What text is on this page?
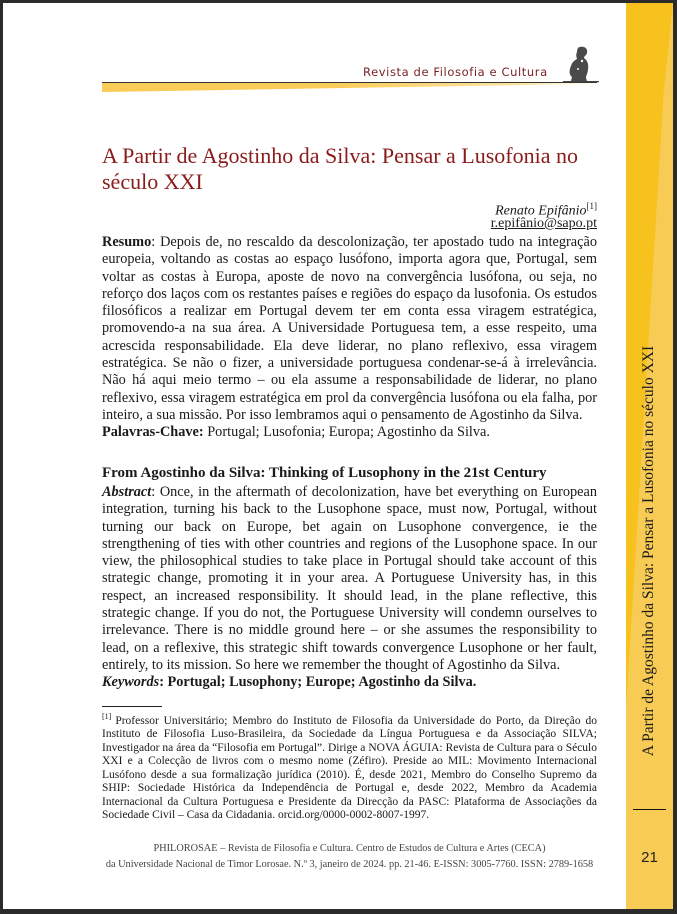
A Partir de Agostinho da Silva: Pensar a Lusofonia no século XXI
21
Revista de Filosofia e Cultura
A Partir de Agostinho da Silva: Pensar a Lusofonia no século XXI
Renato Epifânio[1]
r.epifânio@sapo.pt
Resumo: Depois de, no rescaldo da descolonização, ter apostado tudo na integração europeia, voltando as costas ao espaço lusófono, importa agora que, Portugal, sem voltar as costas à Europa, aposte de novo na convergência lusófona, ou seja, no reforço dos laços com os restantes países e regiões do espaço da lusofonia. Os estudos filosóficos a realizar em Portugal devem ter em conta essa viragem estratégica, promovendo-a na sua área. A Universidade Portuguesa tem, a esse respeito, uma acrescida responsabilidade. Ela deve liderar, no plano reflexivo, essa viragem estratégica. Se não o fizer, a universidade portuguesa condenar-se-á à irrelevância. Não há aqui meio termo – ou ela assume a responsabilidade de liderar, no plano reflexivo, essa viragem estratégica em prol da convergência lusófona ou ela falha, por inteiro, a sua missão. Por isso lembramos aqui o pensamento de Agostinho da Silva.
Palavras-Chave: Portugal; Lusofonia; Europa; Agostinho da Silva.
From Agostinho da Silva: Thinking of Lusophony in the 21st Century
Abstract: Once, in the aftermath of decolonization, have bet everything on European integration, turning his back to the Lusophone space, must now, Portugal, without turning our back on Europe, bet again on Lusophone convergence, ie the strengthening of ties with other countries and regions of the Lusophone space. In our view, the philosophical studies to take place in Portugal should take account of this strategic change, promoting it in your area. A Portuguese University has, in this respect, an increased responsibility. It should lead, in the plane reflective, this strategic change. If you do not, the Portuguese University will condemn ourselves to irrelevance. There is no middle ground here – or she assumes the responsibility to lead, on a reflexive, this strategic shift towards convergence Lusophone or her fault, entirely, to its mission. So here we remember the thought of Agostinho da Silva.
Keywords: Portugal; Lusophony; Europe; Agostinho da Silva.
[1] Professor Universitário; Membro do Instituto de Filosofia da Universidade do Porto, da Direção do Instituto de Filosofia Luso-Brasileira, da Sociedade da Língua Portuguesa e da Associação SILVA; Investigador na área da “Filosofia em Portugal”. Dirige a NOVA ÁGUIA: Revista de Cultura para o Século XXI e a Colecção de livros com o mesmo nome (Zéfiro). Preside ao MIL: Movimento Internacional Lusófono desde a sua formalização jurídica (2010). É, desde 2021, Membro do Conselho Supremo da SHIP: Sociedade Histórica da Independência de Portugal e, desde 2022, Membro da Academia Internacional da Cultura Portuguesa e Presidente da Direcção da PASC: Plataforma de Associações da Sociedade Civil – Casa da Cidadania. orcid.org/0000-0002-8007-1997.
PHILOROSAE – Revista de Filosofia e Cultura. Centro de Estudos de Cultura e Artes (CECA)
da Universidade Nacional de Timor Lorosae. N.º 3, janeiro de 2024. pp. 21-46. E-ISSN: 3005-7760. ISSN: 2789-1658
